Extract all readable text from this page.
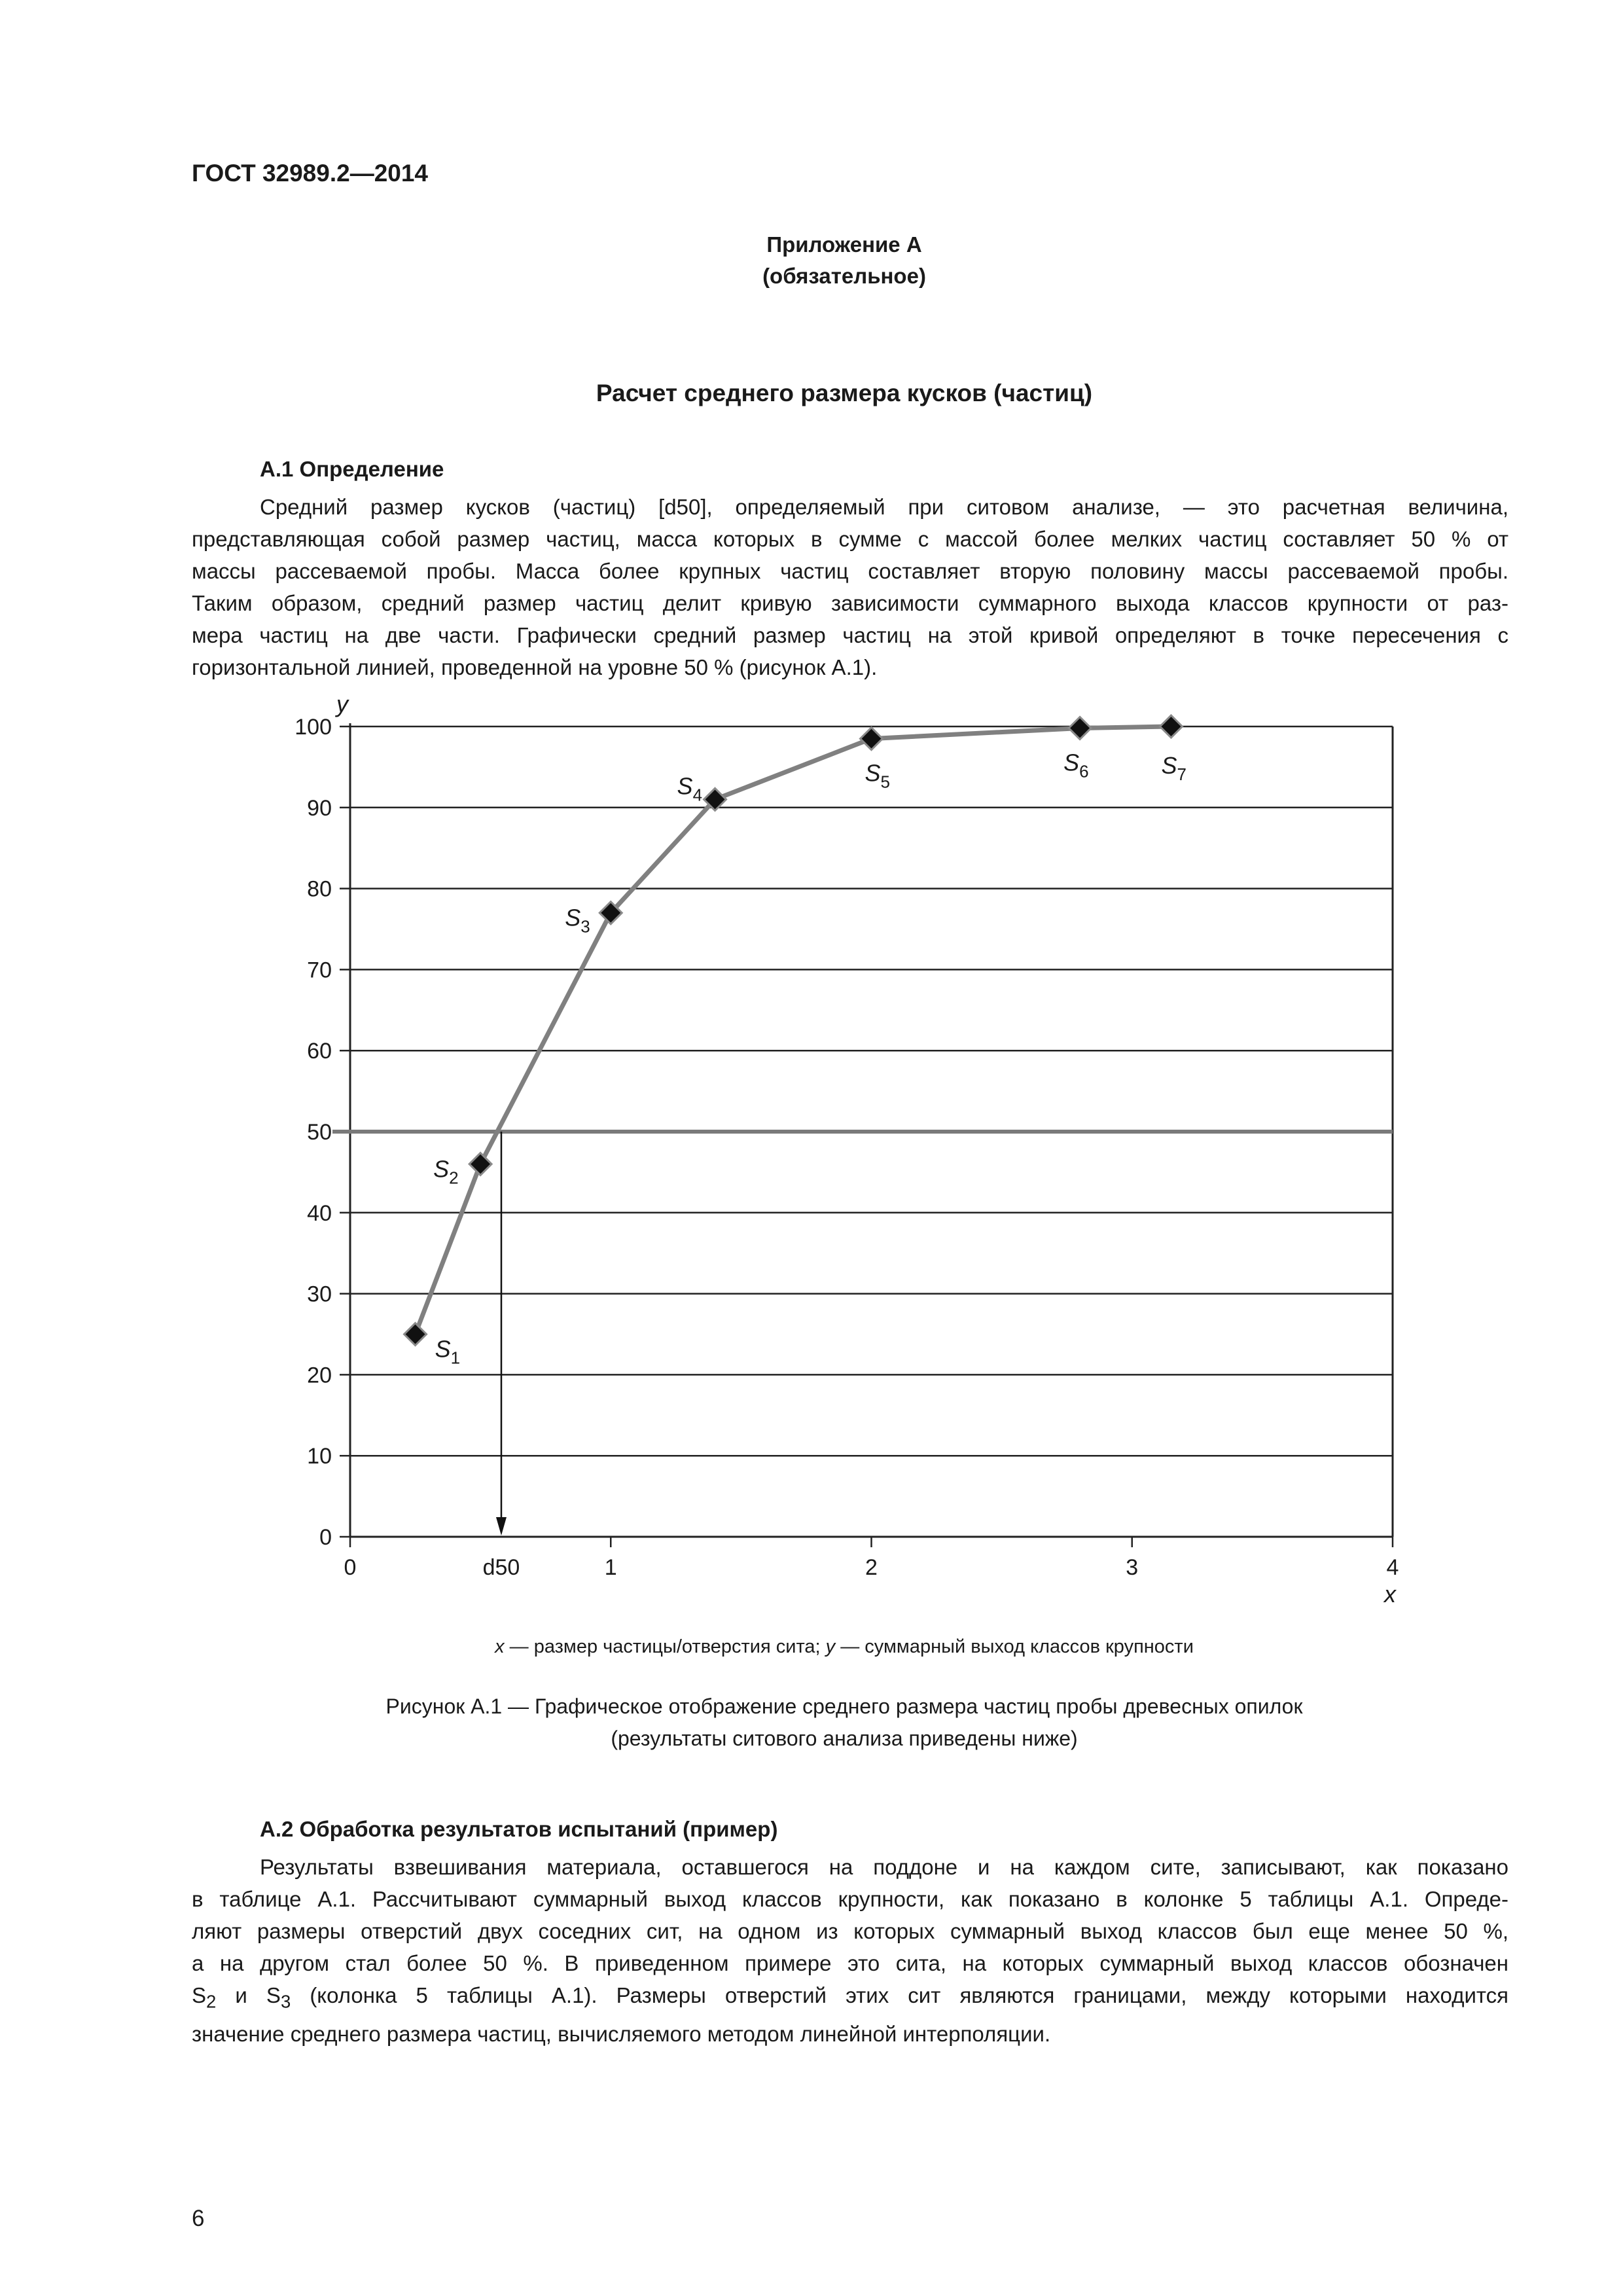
ГОСТ 32989.2—2014
Приложение А
(обязательное)
Расчет среднего размера кусков (частиц)
А.1 Определение

Средний размер кусков (частиц) [d50], определяемый при ситовом анализе, — это расчетная величина,

представляющая собой размер частиц, масса которых в сумме с массой более мелких частиц составляет 50 % от

массы рассеваемой пробы. Масса более крупных частиц составляет вторую половину массы рассеваемой пробы.

Таким образом, средний размер частиц делит кривую зависимости суммарного выхода классов крупности от раз-

мера частиц на две части. Графически средний размер частиц на этой кривой определяют в точке пересечения с

горизонтальной линией, проведенной на уровне 50 % (рисунок А.1).

0
10
20
30
40
50
60
70
80
90
100
0	1	2	3	4
$S_1$
$S_2$
$S_3$
$S_4$
$S_5$
$S_6$	$S_7$
y
x
d50
x — размер частицы/отверстия сита; y — суммарный выход классов крупности
Рисунок А.1 — Графическое отображение среднего размера частиц пробы древесных опилок
(результаты ситового анализа приведены ниже)
А.2 Обработка результатов испытаний (пример)

Результаты взвешивания материала, оставшегося на поддоне и на каждом сите, записывают, как показано

в таблице А.1. Рассчитывают суммарный выход классов крупности, как показано в колонке 5 таблицы А.1. Опреде-

ляют размеры отверстий двух соседних сит, на одном из которых суммарный выход классов был еще менее 50 %,

а на другом стал более 50 %. В приведенном примере это сита, на которых суммарный выход классов обозначен

$S_2$ и $S_3$ (колонка 5 таблицы А.1). Размеры отверстий этих сит являются границами, между которыми находится

значение среднего размера частиц, вычисляемого методом линейной интерполяции.

6
